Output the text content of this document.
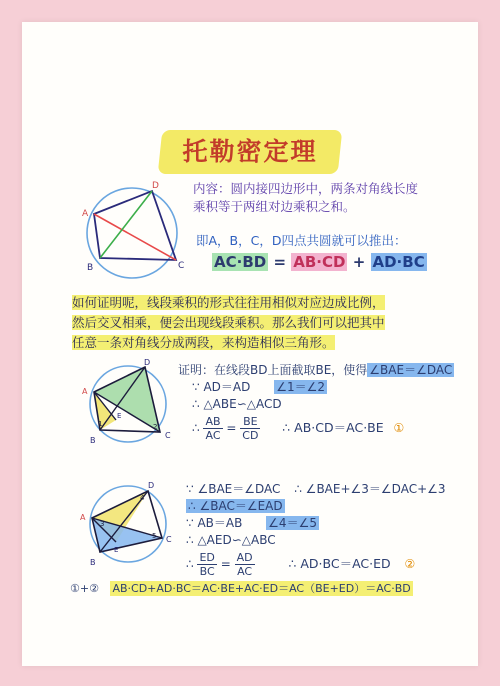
托勒密定理
A
B	C
D	内容：圆内接四边形中，两条对角线长度
乘积等于两组对边乘积之和。
即A，B，C，D四点共圆就可以推出：
AC·BD = AB·CD + AD·BC
如何证明呢，线段乘积的形式往往用相似对应边成比例，
然后交叉相乘，便会出现线段乘积。那么我们可以把其中
任意一条对角线分成两段，来构造相似三角形。
A
B
C
D
E
1	2
证明：在线段BD上面截取BE，使得 ∠BAE＝∠DAC
∵ AD＝AD ∠1＝∠2
∴ △ABE∽△ACD
∴ $\frac{AB}{AC} = \frac{BE}{CD}$ ∴ AB·CD＝AC·BE ①
A
B
C
D
E
3
4
5
∵ ∠BAE＝∠DAC ∴ ∠BAE+∠3＝∠DAC+∠3
∴ ∠BAC＝∠EAD
∵ AB＝AB ∠4＝∠5
∴ △AED∽△ABC
∴ $\frac{ED}{BC} = \frac{AD}{AC}$	∴ AD·BC＝AC·ED ②
①+② AB·CD+AD·BC＝AC·BE+AC·ED＝AC（BE+ED）＝AC·BD
